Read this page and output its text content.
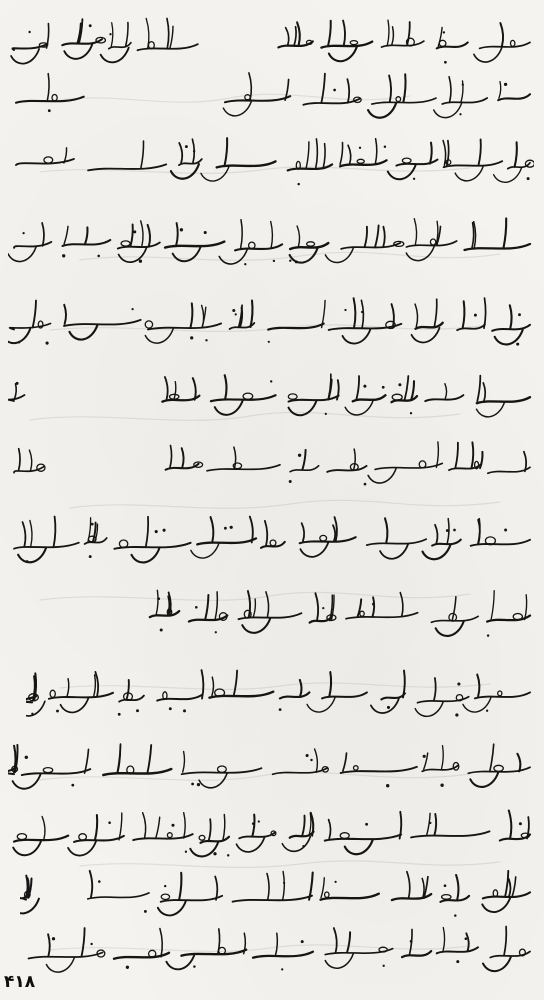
۴۱۸
